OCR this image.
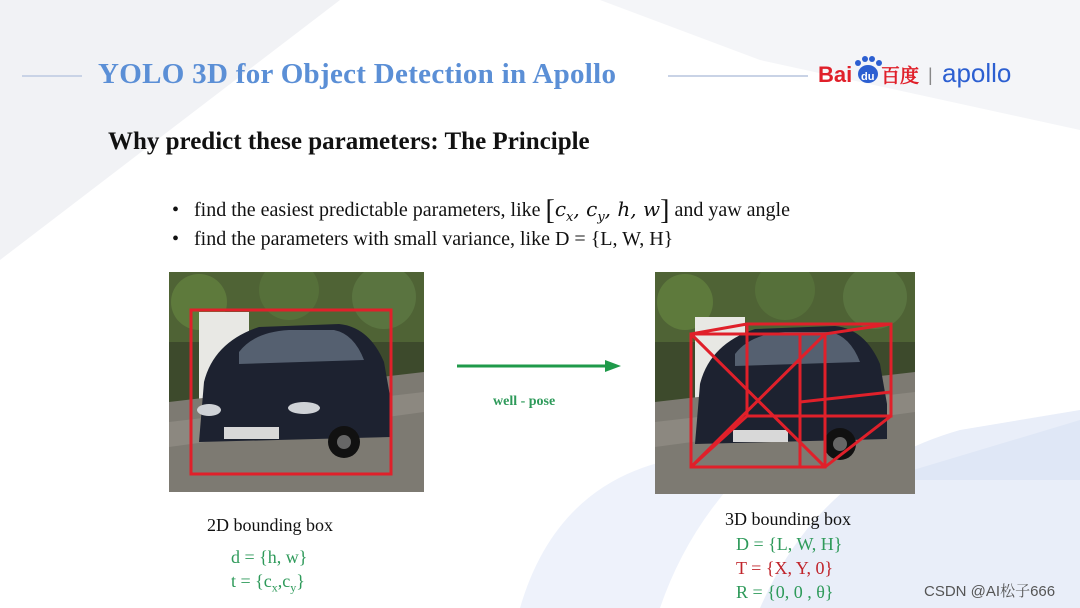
YOLO 3D for Object Detection in Apollo	Bai du 百度 | apollo
Why predict these parameters: The Principle
• find the easiest predictable parameters, like [$c_x$, $c_y$, h, w] and yaw angle
• find the parameters with small variance, like D = {L, W, H}
well - pose
2D bounding box
d = {h, w}
$t = \{c_x,c_y\}$
3D bounding box
D = {L, W, H}
T = {X, Y, 0}
R = {0, 0 , θ}	CSDN @AI松子666
